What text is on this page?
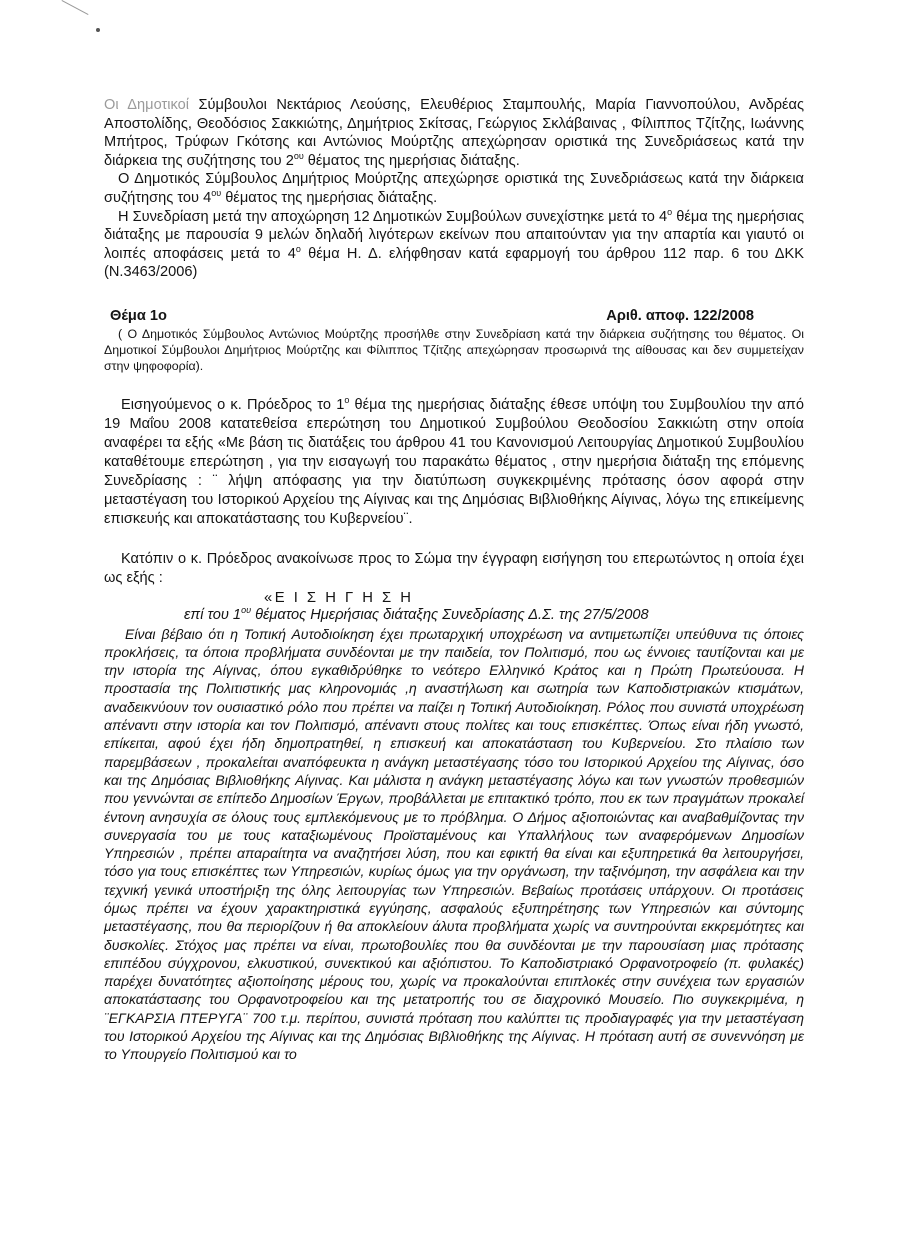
Οι Δημοτικοί Σύμβουλοι Νεκτάριος Λεούσης, Ελευθέριος Σταμπουλής, Μαρία Γιαννοπούλου, Ανδρέας Αποστολίδης, Θεοδόσιος Σακκιώτης, Δημήτριος Σκίτσας, Γεώργιος Σκλάβαινας , Φίλιππος Τζίτζης, Ιωάννης Μπήτρος, Τρύφων Γκότσης και Αντώνιος Μούρτζης απεχώρησαν οριστικά της Συνεδριάσεως κατά την διάρκεια της συζήτησης του $2^{o\upsilon}$ θέματος της ημερήσιας διάταξης.

Ο Δημοτικός Σύμβουλος Δημήτριος Μούρτζης απεχώρησε οριστικά της Συνεδριάσεως κατά την διάρκεια συζήτησης του $4^{o\upsilon}$ θέματος της ημερήσιας διάταξης.

Η Συνεδρίαση μετά την αποχώρηση 12 Δημοτικών Συμβούλων συνεχίστηκε μετά το $4^o$ θέμα της ημερήσιας διάταξης με παρουσία 9 μελών δηλαδή λιγότερων εκείνων που απαιτούνταν για την απαρτία και γιαυτό οι λοιπές αποφάσεις μετά το $4^o$ θέμα Η. Δ. ελήφθησαν κατά εφαρμογή του άρθρου 112 παρ. 6 του ΔΚΚ (Ν.3463/2006)

Θέμα 1ο	Αριθ. αποφ. 122/2008

( Ο Δημοτικός Σύμβουλος Αντώνιος Μούρτζης προσήλθε στην Συνεδρίαση κατά την διάρκεια συζήτησης του θέματος. Οι Δημοτικοί Σύμβουλοι Δημήτριος Μούρτζης και Φίλιππος Τζίτζης απεχώρησαν προσωρινά της αίθουσας και δεν συμμετείχαν στην ψηφοφορία).

Εισηγούμενος ο κ. Πρόεδρος το $1^o$ θέμα της ημερήσιας διάταξης έθεσε υπόψη του Συμβουλίου την από 19 Μαΐου 2008 κατατεθείσα επερώτηση του Δημοτικού Συμβούλου Θεοδοσίου Σακκιώτη στην οποία αναφέρει τα εξής «Με βάση τις διατάξεις του άρθρου 41 του Κανονισμού Λειτουργίας Δημοτικού Συμβουλίου καταθέτουμε επερώτηση , για την εισαγωγή του παρακάτω θέματος , στην ημερήσια διάταξη της επόμενης Συνεδρίασης : ¨ λήψη απόφασης για την διατύπωση συγκεκριμένης πρότασης όσον αφορά στην μεταστέγαση του Ιστορικού Αρχείου της Αίγινας και της Δημόσιας Βιβλιοθήκης Αίγινας, λόγω της επικείμενης επισκευής και αποκατάστασης του Κυβερνείου¨.

Κατόπιν ο κ. Πρόεδρος ανακοίνωσε προς το Σώμα την έγγραφη εισήγηση του επερωτώντος η οποία έχει ως εξής :

«Ε Ι Σ Η Γ Η Σ Η
επί του $1^{o\upsilon}$ θέματος Ημερήσιας διάταξης Συνεδρίασης Δ.Σ. της 27/5/2008

Είναι βέβαιο ότι η Τοπική Αυτοδιοίκηση έχει πρωταρχική υποχρέωση να αντιμετωπίζει υπεύθυνα τις όποιες προκλήσεις, τα όποια προβλήματα συνδέονται με την παιδεία, τον Πολιτισμό, που ως έννοιες ταυτίζονται και με την ιστορία της Αίγινας, όπου εγκαθιδρύθηκε το νεότερο Ελληνικό Κράτος και η Πρώτη Πρωτεύουσα. Η προστασία της Πολιτιστικής μας κληρονομιάς ,η αναστήλωση και σωτηρία των Καποδιστριακών κτισμάτων, αναδεικνύουν τον ουσιαστικό ρόλο που πρέπει να παίζει η Τοπική Αυτοδιοίκηση. Ρόλος που συνιστά υποχρέωση απέναντι στην ιστορία και τον Πολιτισμό, απέναντι στους πολίτες και τους επισκέπτες. Όπως είναι ήδη γνωστό, επίκειται, αφού έχει ήδη δημοπρατηθεί, η επισκευή και αποκατάσταση του Κυβερνείου. Στο πλαίσιο των παρεμβάσεων , προκαλείται αναπόφευκτα η ανάγκη μεταστέγασης τόσο του Ιστορικού Αρχείου της Αίγινας, όσο και της Δημόσιας Βιβλιοθήκης Αίγινας. Και μάλιστα η ανάγκη μεταστέγασης λόγω και των γνωστών προθεσμιών που γεννώνται σε επίπεδο Δημοσίων Έργων, προβάλλεται με επιτακτικό τρόπο, που εκ των πραγμάτων προκαλεί έντονη ανησυχία σε όλους τους εμπλεκόμενους με το πρόβλημα. Ο Δήμος αξιοποιώντας και αναβαθμίζοντας την συνεργασία του με τους καταξιωμένους Προϊσταμένους και Υπαλλήλους των αναφερόμενων Δημοσίων Υπηρεσιών , πρέπει απαραίτητα να αναζητήσει λύση, που και εφικτή θα είναι και εξυπηρετικά θα λειτουργήσει, τόσο για τους επισκέπτες των Υπηρεσιών, κυρίως όμως για την οργάνωση, την ταξινόμηση, την ασφάλεια και την τεχνική γενικά υποστήριξη της όλης λειτουργίας των Υπηρεσιών. Βεβαίως προτάσεις υπάρχουν. Οι προτάσεις όμως πρέπει να έχουν χαρακτηριστικά εγγύησης, ασφαλούς εξυπηρέτησης των Υπηρεσιών και σύντομης μεταστέγασης, που θα περιορίζουν ή θα αποκλείουν άλυτα προβλήματα χωρίς να συντηρούνται εκκρεμότητες και δυσκολίες. Στόχος μας πρέπει να είναι, πρωτοβουλίες που θα συνδέονται με την παρουσίαση μιας πρότασης επιπέδου σύγχρονου, ελκυστικού, συνεκτικού και αξιόπιστου. Το Καποδιστριακό Ορφανοτροφείο (π. φυλακές) παρέχει δυνατότητες αξιοποίησης μέρους του, χωρίς να προκαλούνται επιπλοκές στην συνέχεια των εργασιών αποκατάστασης του Ορφανοτροφείου και της μετατροπής του σε διαχρονικό Μουσείο. Πιο συγκεκριμένα, η ¨ΕΓΚΑΡΣΙΑ ΠΤΕΡΥΓΑ¨ 700 τ.μ. περίπου, συνιστά πρόταση που καλύπτει τις προδιαγραφές για την μεταστέγαση του Ιστορικού Αρχείου της Αίγινας και της Δημόσιας Βιβλιοθήκης της Αίγινας. Η πρόταση αυτή σε συνεννόηση με το Υπουργείο Πολιτισμού και το
